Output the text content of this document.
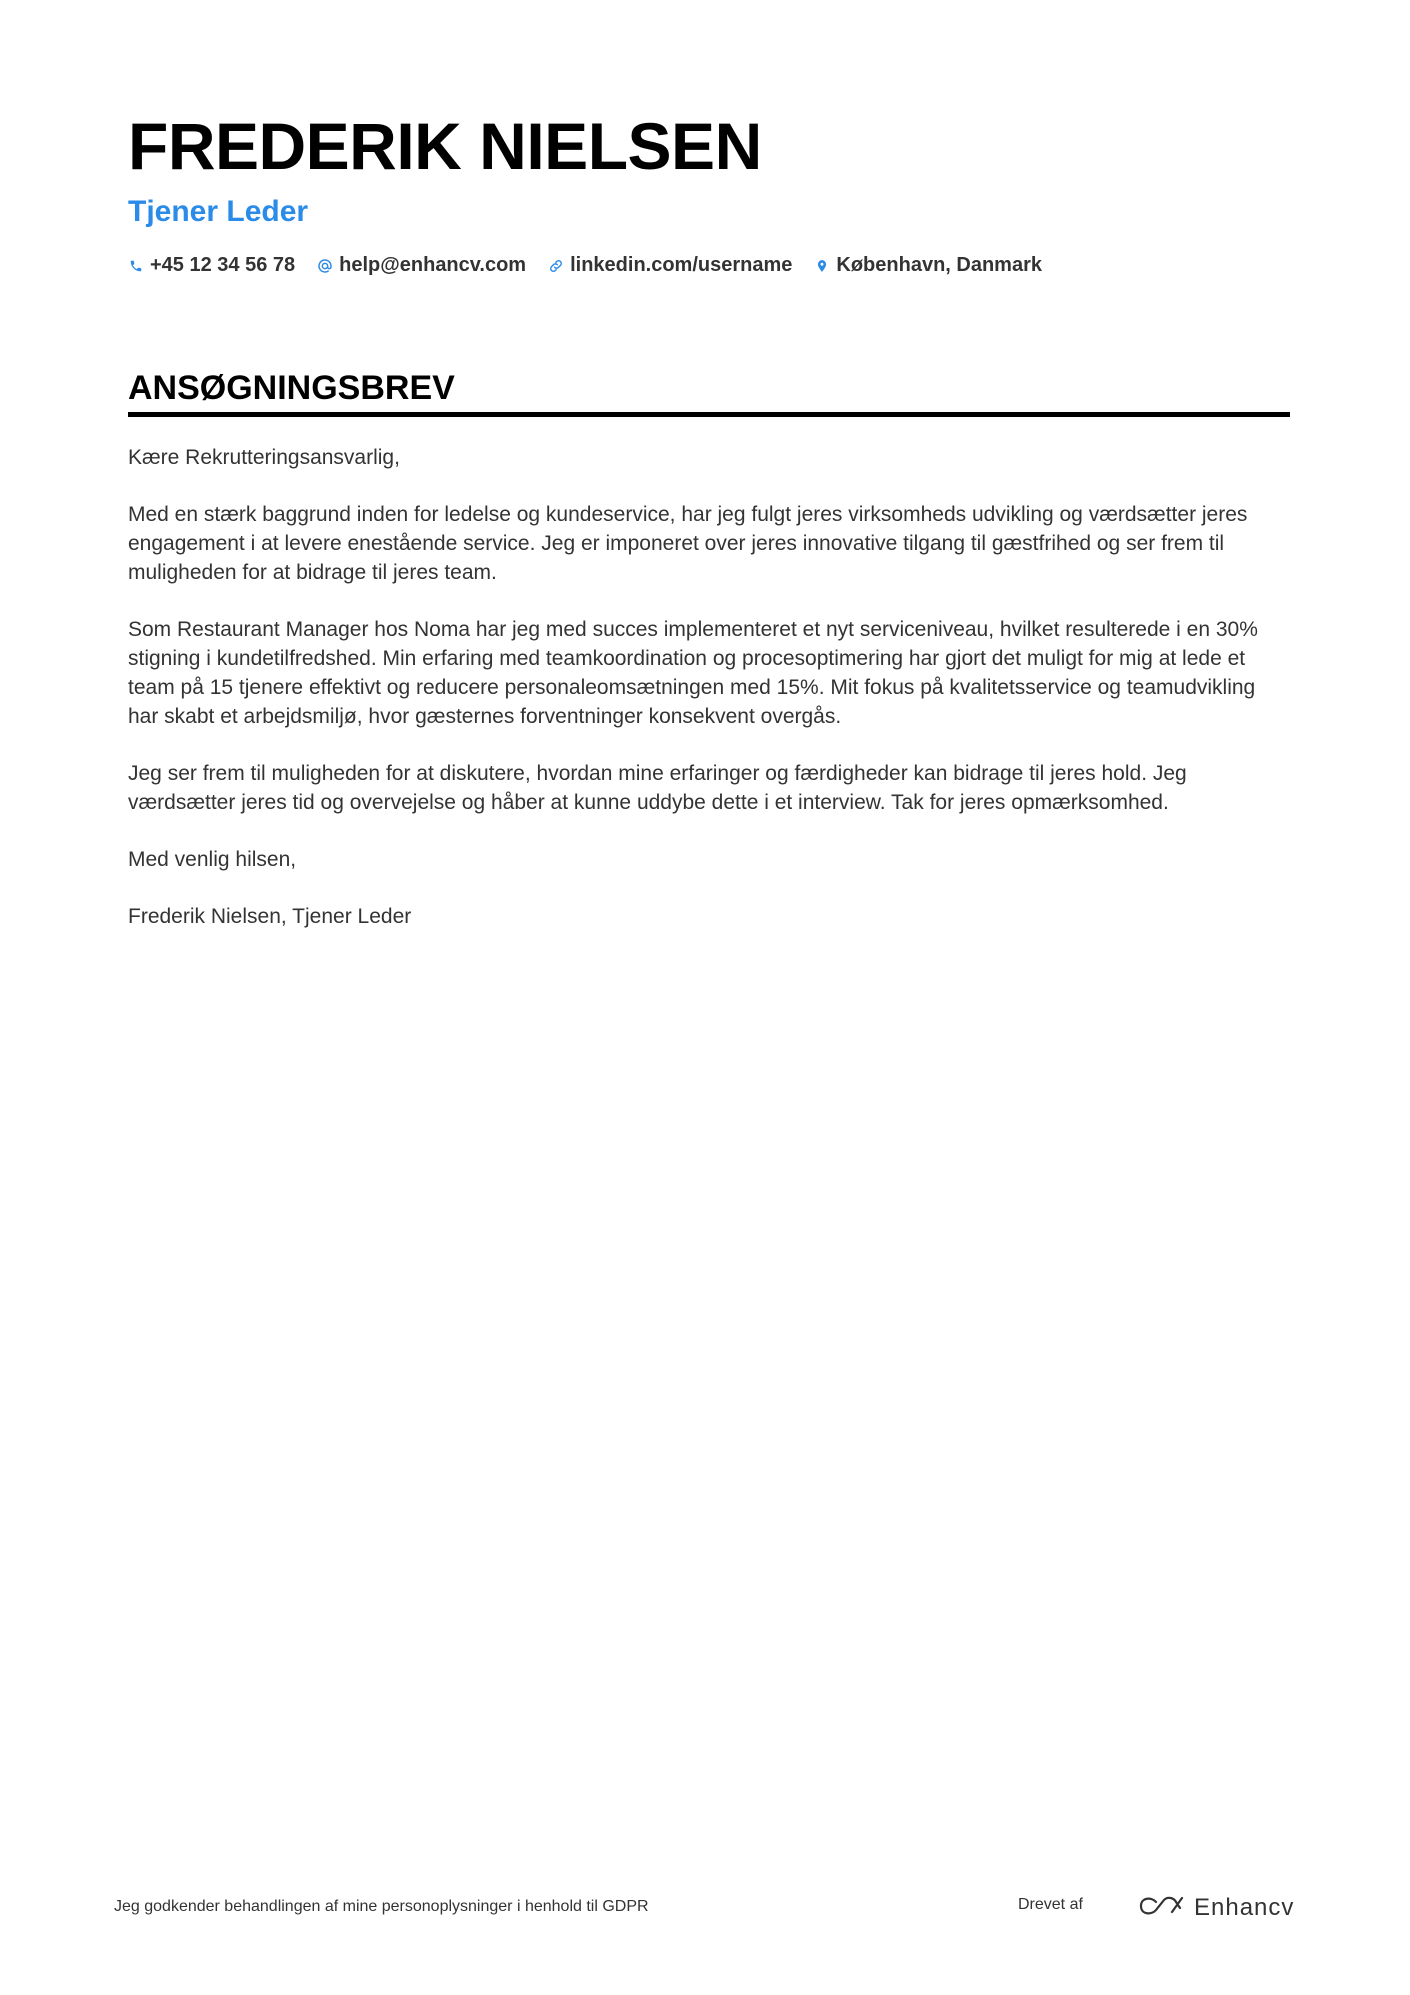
FREDERIK NIELSEN
Tjener Leder
+45 12 34 56 78 help@enhancv.com linkedin.com/username København, Danmark
ANSØGNINGSBREV

Kære Rekrutteringsansvarlig,

Med en stærk baggrund inden for ledelse og kundeservice, har jeg fulgt jeres virksomheds udvikling og værdsætter jeres engagement i at levere enestående service. Jeg er imponeret over jeres innovative tilgang til gæstfrihed og ser frem til muligheden for at bidrage til jeres team.

Som Restaurant Manager hos Noma har jeg med succes implementeret et nyt serviceniveau, hvilket resulterede i en 30% stigning i kundetilfredshed. Min erfaring med teamkoordination og procesoptimering har gjort det muligt for mig at lede et team på 15 tjenere effektivt og reducere personaleomsætningen med 15%. Mit fokus på kvalitetsservice og teamudvikling har skabt et arbejdsmiljø, hvor gæsternes forventninger konsekvent overgås.

Jeg ser frem til muligheden for at diskutere, hvordan mine erfaringer og færdigheder kan bidrage til jeres hold. Jeg værdsætter jeres tid og overvejelse og håber at kunne uddybe dette i et interview. Tak for jeres opmærksomhed.

Med venlig hilsen,

Frederik Nielsen, Tjener Leder

Jeg godkender behandlingen af mine personoplysninger i henhold til GDPR	Drevet af	Enhancv
